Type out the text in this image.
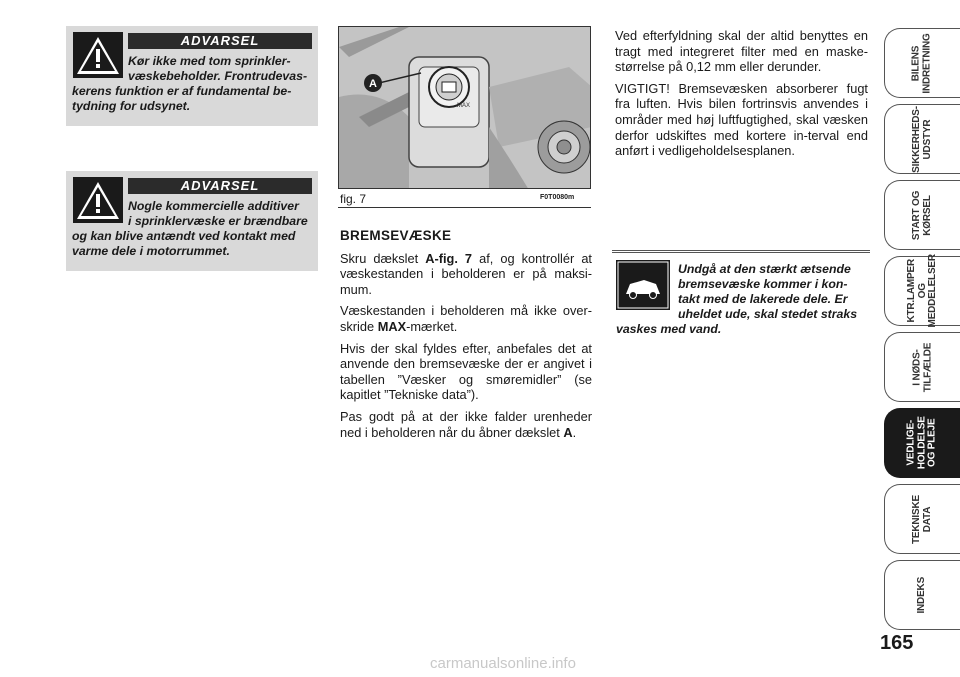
ADVARSEL
Kør ikke med tom sprinkler-
væskebeholder. Frontrudevas-
kerens funktion er af fundamental be-tydning for udsynet.
ADVARSEL
Nogle kommercielle additiver
i sprinklervæske er brændbare
og kan blive antændt ved kontakt med varme dele i motorrummet.
MAX
A
fig. 7	F0T0080m
BREMSEVÆSKE

Skru dækslet A-fig. 7 af, og kontrollér at væskestanden i beholderen er på maksi-mum.

Væskestanden i beholderen må ikke over-skride MAX-mærket.

Hvis der skal fyldes efter, anbefales det at anvende den bremsevæske der er angivet i tabellen ”Væsker og smøremidler” (se kapitlet ”Tekniske data”).

Pas godt på at der ikke falder urenheder ned i beholderen når du åbner dækslet A.

Ved efterfyldning skal der altid benyttes en tragt med integreret filter med en maske-størrelse på 0,12 mm eller derunder.

VIGTIGT! Bremsevæsken absorberer fugt fra luften. Hvis bilen fortrinsvis anvendes i områder med høj luftfugtighed, skal væsken derfor udskiftes med kortere in-terval end anført i vedligeholdelsesplanen.

Undgå at den stærkt ætsende
bremsevæske kommer i kon-
takt med de lakerede dele. Er
uheldet ude, skal stedet straks
vaskes med vand.
BILENS
INDRETNING
SIKKERHEDS-
UDSTYR
START OG
KØRSEL
KTR.LAMPER
OG
MEDDELELSER
I NØDS-
TILFÆLDE
VEDLIGE-
HOLDELSE
OG PLEJE
TEKNISKE
DATA
INDEKS
165
carmanualsonline.info
